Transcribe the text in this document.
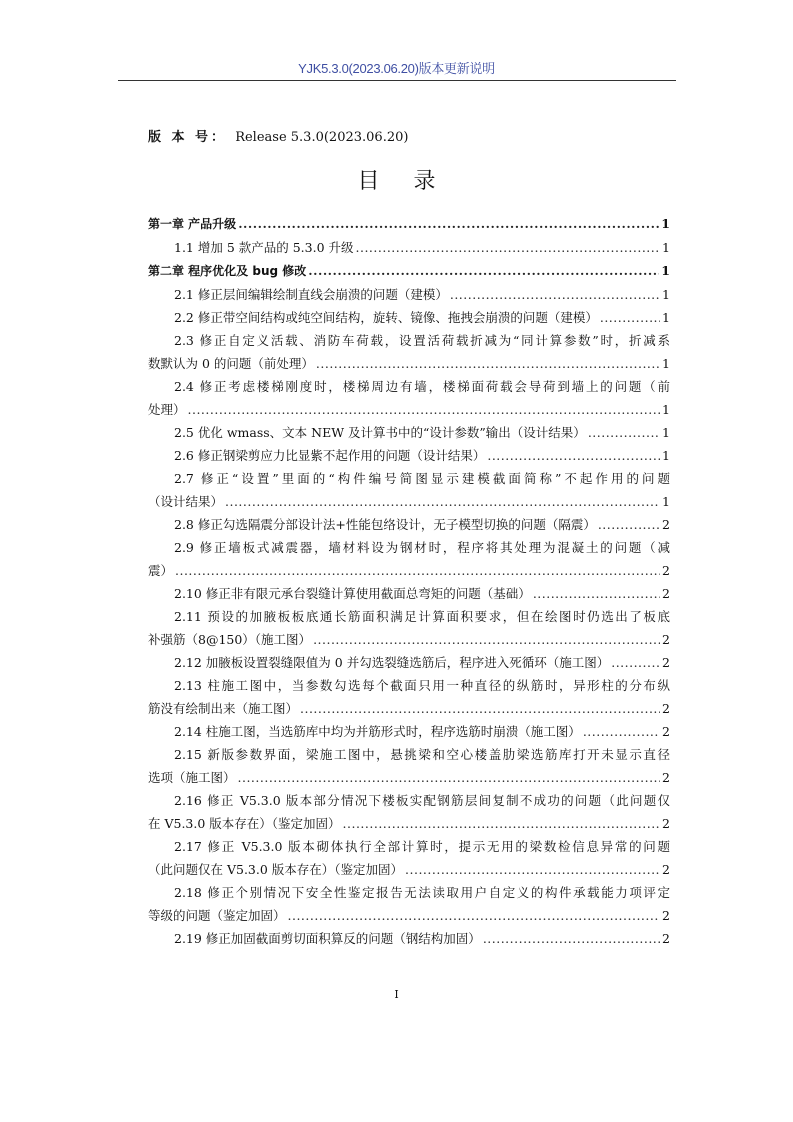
YJK5.3.0(2023.06.20)版本更新说明
版 本 号： Release 5.3.0(2023.06.20)
目录
第一章 产品升级 .....	1
1.1 增加 5 款产品的 5.3.0 升级 .....	1
第二章 程序优化及 bug 修改 .....	1
2.1 修正层间编辑绘制直线会崩溃的问题（建模） .....	1
2.2 修正带空间结构或纯空间结构，旋转、镜像、拖拽会崩溃的问题（建模） .....	1
2.3 修正自定义活载、消防车荷载，设置活荷载折减为“同计算参数”时，折减系
数默认为 0 的问题（前处理） .....	1
2.4 修正考虑楼梯刚度时，楼梯周边有墙，楼梯面荷载会导荷到墙上的问题（前
处理） .....	1
2.5 优化 wmass、文本 NEW 及计算书中的“设计参数”输出（设计结果） .....	1
2.6 修正钢梁剪应力比显紫不起作用的问题（设计结果） .....	1
2.7 修正“设置”里面的“构件编号简图显示建模截面简称”不起作用的问题
（设计结果） .....	1
2.8 修正勾选隔震分部设计法+性能包络设计，无子模型切换的问题（隔震） .....	2
2.9 修正墙板式减震器，墙材料设为钢材时，程序将其处理为混凝土的问题（减
震） .....	2
2.10 修正非有限元承台裂缝计算使用截面总弯矩的问题（基础） .....	2
2.11 预设的加腋板板底通长筋面积满足计算面积要求，但在绘图时仍选出了板底
补强筋（8@150）（施工图） .....	2
2.12 加腋板设置裂缝限值为 0 并勾选裂缝选筋后，程序进入死循环（施工图） .....	2
2.13 柱施工图中，当参数勾选每个截面只用一种直径的纵筋时，异形柱的分布纵
筋没有绘制出来（施工图） .....	2
2.14 柱施工图，当选筋库中均为并筋形式时，程序选筋时崩溃（施工图） .....	2
2.15 新版参数界面，梁施工图中，悬挑梁和空心楼盖肋梁选筋库打开未显示直径
选项（施工图） .....	2
2.16 修正 V5.3.0 版本部分情况下楼板实配钢筋层间复制不成功的问题（此问题仅
在 V5.3.0 版本存在）（鉴定加固） .....	2
2.17 修正 V5.3.0 版本砌体执行全部计算时，提示无用的梁数检信息异常的问题
（此问题仅在 V5.3.0 版本存在）（鉴定加固） .....	2
2.18 修正个别情况下安全性鉴定报告无法读取用户自定义的构件承载能力项评定
等级的问题（鉴定加固） .....	2
2.19 修正加固截面剪切面积算反的问题（钢结构加固） .....	2
I
